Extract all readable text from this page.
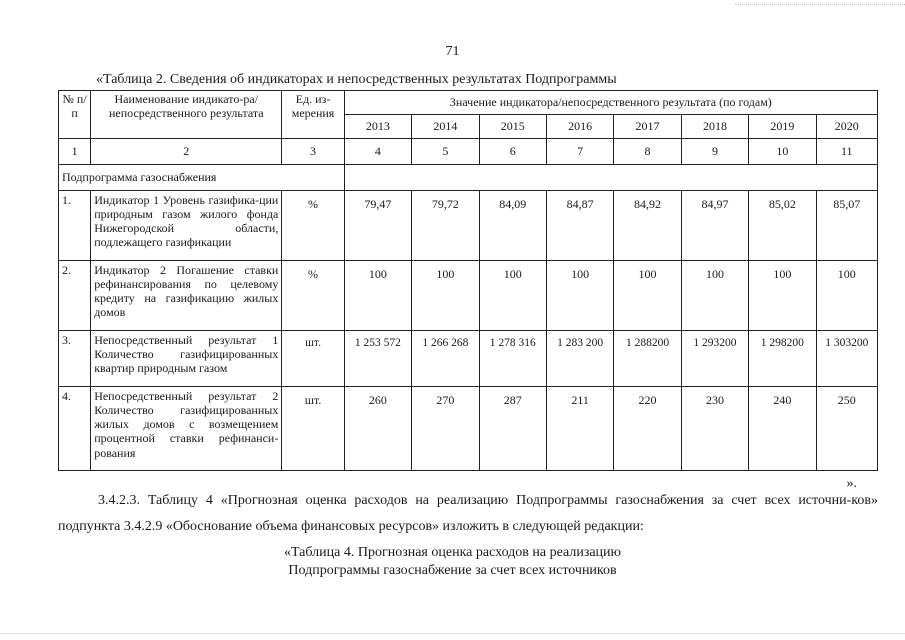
71
«Таблица 2. Сведения об индикаторах и непосредственных результатах Подпрограммы
№ п/п	Наименование индикато-ра/непосредственного результата	Ед. из-мерения	Значение индикатора/непосредственного результата (по годам)							
			2013	2014	2015	2016	2017	2018	2019	2020
1	2	3	4	5	6	7	8	9	10	11
Подпрограмма газоснабжения										
1.	Индикатор 1 Уровень газифика-ции природным газом жилого фонда Нижегородской области, подлежащего газификации	%	79,47	79,72	84,09	84,87	84,92	84,97	85,02	85,07
2.	Индикатор 2 Погашение ставки рефинансирования по целевому кредиту на газификацию жилых домов	%	100	100	100	100	100	100	100	100
3.	Непосредственный результат 1 Количество газифицированных квартир природным газом	шт.	1 253 572	1 266 268	1 278 316	1 283 200	1 288200	1 293200	1 298200	1 303200
4.	Непосредственный результат 2 Количество газифицированных жилых домов с возмещением процентной ставки рефинанси-рования	шт.	260	270	287	211	220	230	240	250
».
3.4.2.3. Таблицу 4 «Прогнозная оценка расходов на реализацию Подпрограммы газоснабжения за счет всех источни-ков» подпункта 3.4.2.9 «Обоснование объема финансовых ресурсов» изложить в следующей редакции:
«Таблица 4. Прогнозная оценка расходов на реализацию
Подпрограммы газоснабжение за счет всех источников
